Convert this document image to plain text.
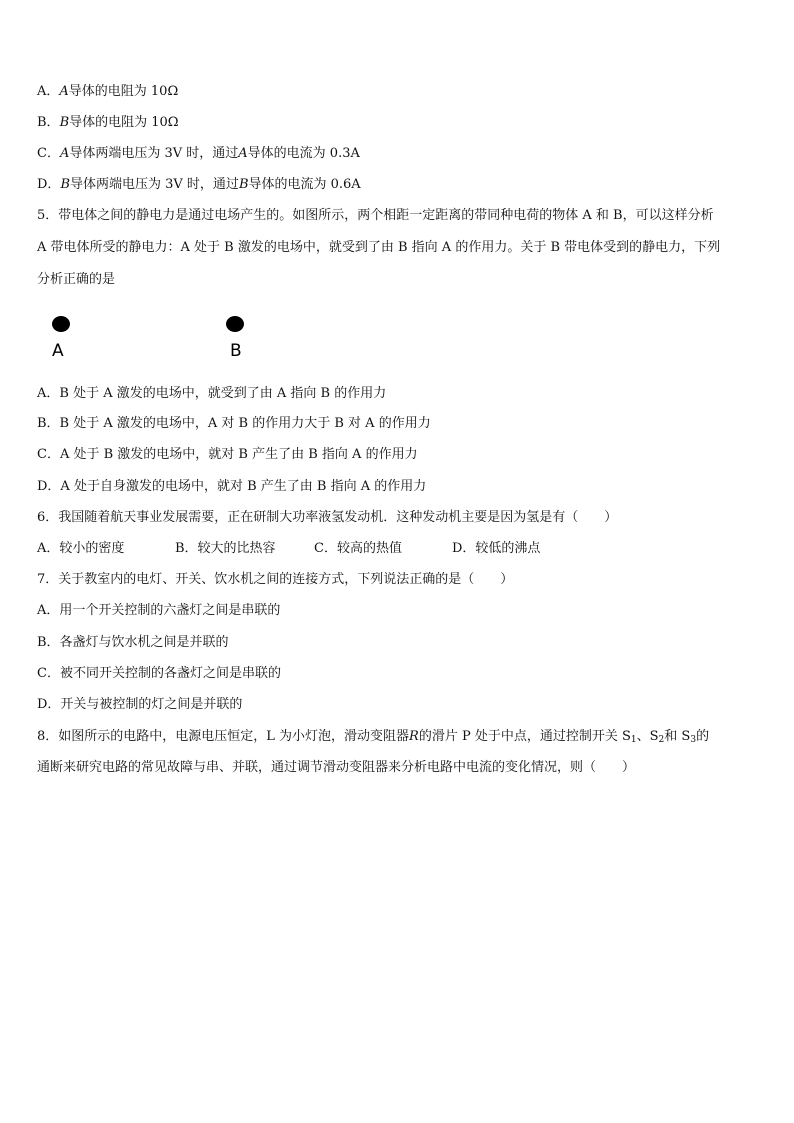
A．A导体的电阻为 10Ω
B．B导体的电阻为 10Ω
C．A导体两端电压为 3V 时，通过A导体的电流为 0.3A
D．B导体两端电压为 3V 时，通过B导体的电流为 0.6A
5．带电体之间的静电力是通过电场产生的。如图所示，两个相距一定距离的带同种电荷的物体 A 和 B，可以这样分析
A 带电体所受的静电力：A 处于 B 激发的电场中，就受到了由 B 指向 A 的作用力。关于 B 带电体受到的静电力，下列
分析正确的是
A	B
A．B 处于 A 激发的电场中，就受到了由 A 指向 B 的作用力
B．B 处于 A 激发的电场中，A 对 B 的作用力大于 B 对 A 的作用力
C．A 处于 B 激发的电场中，就对 B 产生了由 B 指向 A 的作用力
D．A 处于自身激发的电场中，就对 B 产生了由 B 指向 A 的作用力
6．我国随着航天事业发展需要，正在研制大功率液氢发动机．这种发动机主要是因为氢是有（　　）
A．较小的密度	B．较大的比热容	C．较高的热值	D．较低的沸点
7．关于教室内的电灯、开关、饮水机之间的连接方式，下列说法正确的是（　　）
A．用一个开关控制的六盏灯之间是串联的
B．各盏灯与饮水机之间是并联的
C．被不同开关控制的各盏灯之间是串联的
D．开关与被控制的灯之间是并联的
8．如图所示的电路中，电源电压恒定，L 为小灯泡，滑动变阻器R的滑片 P 处于中点，通过控制开关 $S_1$、$S_2$和 $S_3$的
通断来研究电路的常见故障与串、并联，通过调节滑动变阻器来分析电路中电流的变化情况，则（　　）
